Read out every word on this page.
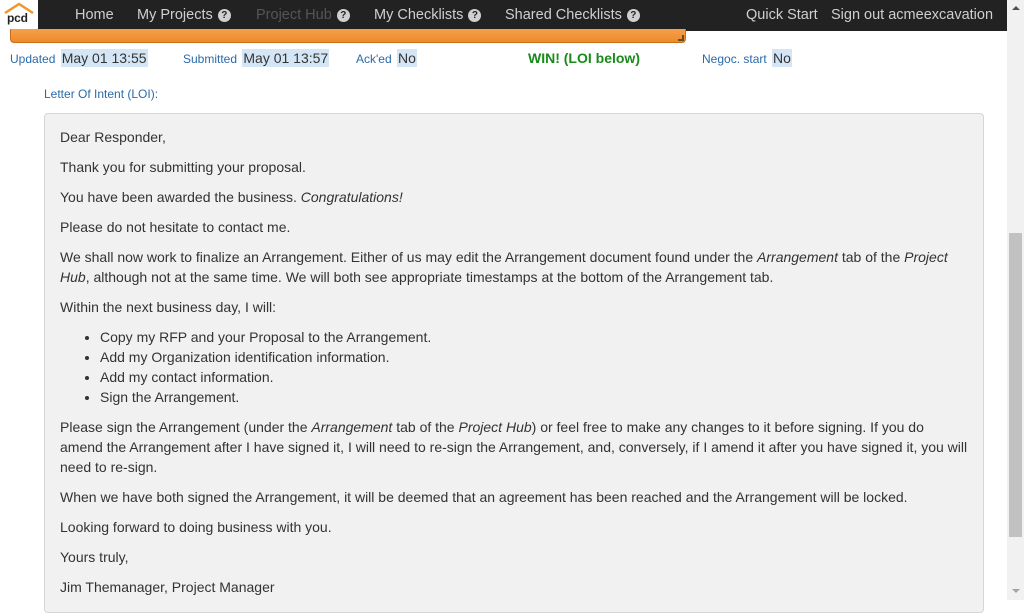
pcd	Home My Projects ? Project Hub ? My Checklists ? Shared Checklists ?	Quick Start Sign out acmeexcavation
Updated May 01 13:55	Submitted May 01 13:57 Ack'ed No	WIN! (LOI below)	Negoc. start No
Letter Of Intent (LOI):

Dear Responder,

Thank you for submitting your proposal.

You have been awarded the business. Congratulations!

Please do not hesitate to contact me.

We shall now work to finalize an Arrangement. Either of us may edit the Arrangement document found under the Arrangement tab of the Project Hub, although not at the same time. We will both see appropriate timestamps at the bottom of the Arrangement tab.

Within the next business day, I will:

• Copy my RFP and your Proposal to the Arrangement.
• Add my Organization identification information.
• Add my contact information.
• Sign the Arrangement.

Please sign the Arrangement (under the Arrangement tab of the Project Hub) or feel free to make any changes to it before signing. If you do amend the Arrangement after I have signed it, I will need to re-sign the Arrangement, and, conversely, if I amend it after you have signed it, you will need to re-sign.

When we have both signed the Arrangement, it will be deemed that an agreement has been reached and the Arrangement will be locked.

Looking forward to doing business with you.

Yours truly,

Jim Themanager, Project Manager
